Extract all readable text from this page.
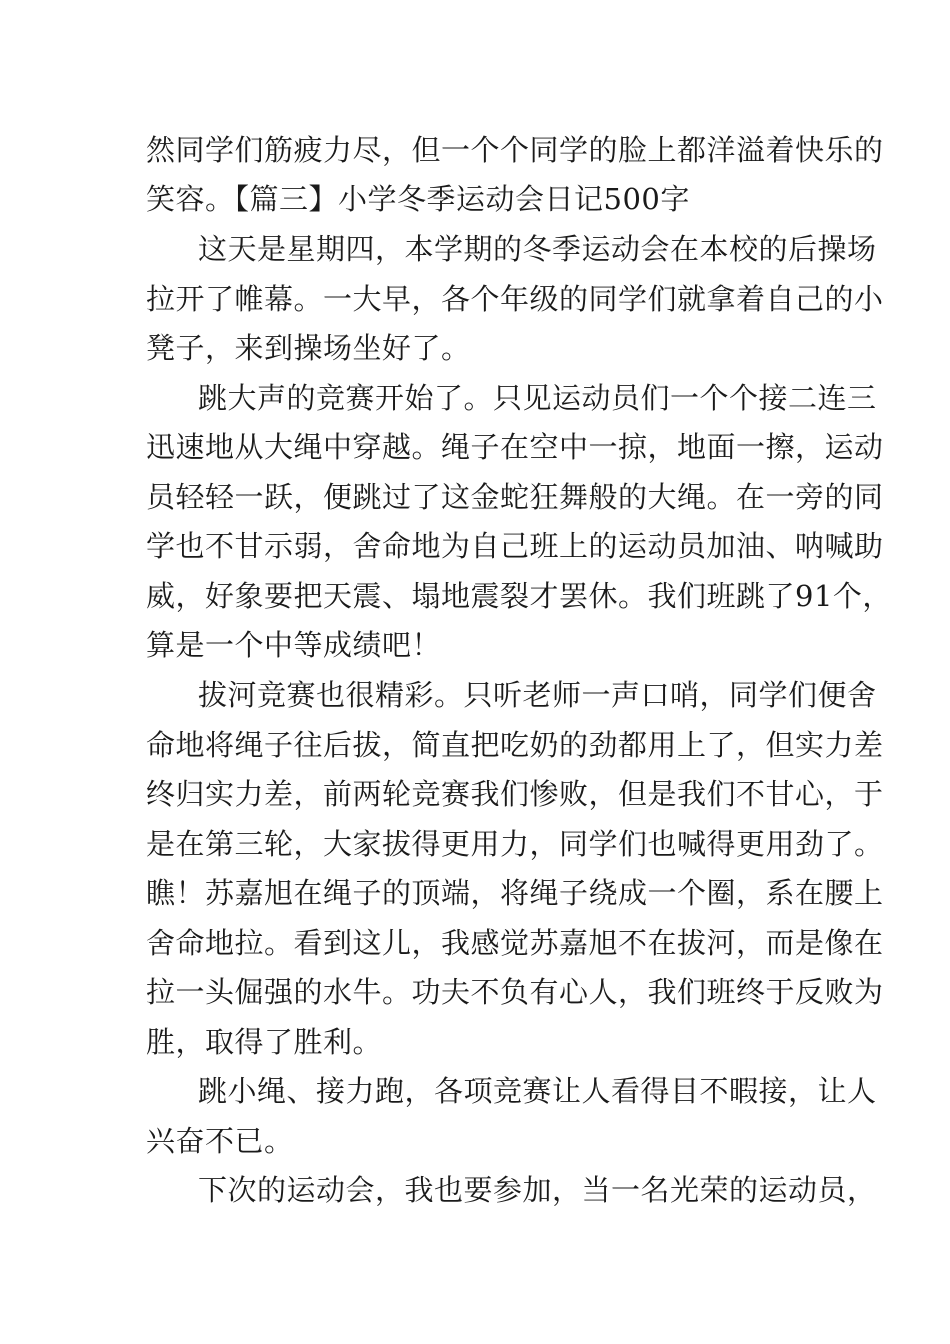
然同学们筋疲力尽，但一个个同学的脸上都洋溢着快乐的
笑容。【篇三】小学冬季运动会日记500字
这天是星期四，本学期的冬季运动会在本校的后操场
拉开了帷幕。一大早，各个年级的同学们就拿着自己的小
凳子，来到操场坐好了。
跳大声的竞赛开始了。只见运动员们一个个接二连三
迅速地从大绳中穿越。绳子在空中一掠，地面一擦，运动
员轻轻一跃，便跳过了这金蛇狂舞般的大绳。在一旁的同
学也不甘示弱，舍命地为自己班上的运动员加油、呐喊助
威，好象要把天震、塌地震裂才罢休。我们班跳了91个，
算是一个中等成绩吧！
拔河竞赛也很精彩。只听老师一声口哨，同学们便舍
命地将绳子往后拔，简直把吃奶的劲都用上了，但实力差
终归实力差，前两轮竞赛我们惨败，但是我们不甘心，于
是在第三轮，大家拔得更用力，同学们也喊得更用劲了。
瞧！苏嘉旭在绳子的顶端，将绳子绕成一个圈，系在腰上
舍命地拉。看到这儿，我感觉苏嘉旭不在拔河，而是像在
拉一头倔强的水牛。功夫不负有心人，我们班终于反败为
胜，取得了胜利。
跳小绳、接力跑，各项竞赛让人看得目不暇接，让人
兴奋不已。
下次的运动会，我也要参加，当一名光荣的运动员，
